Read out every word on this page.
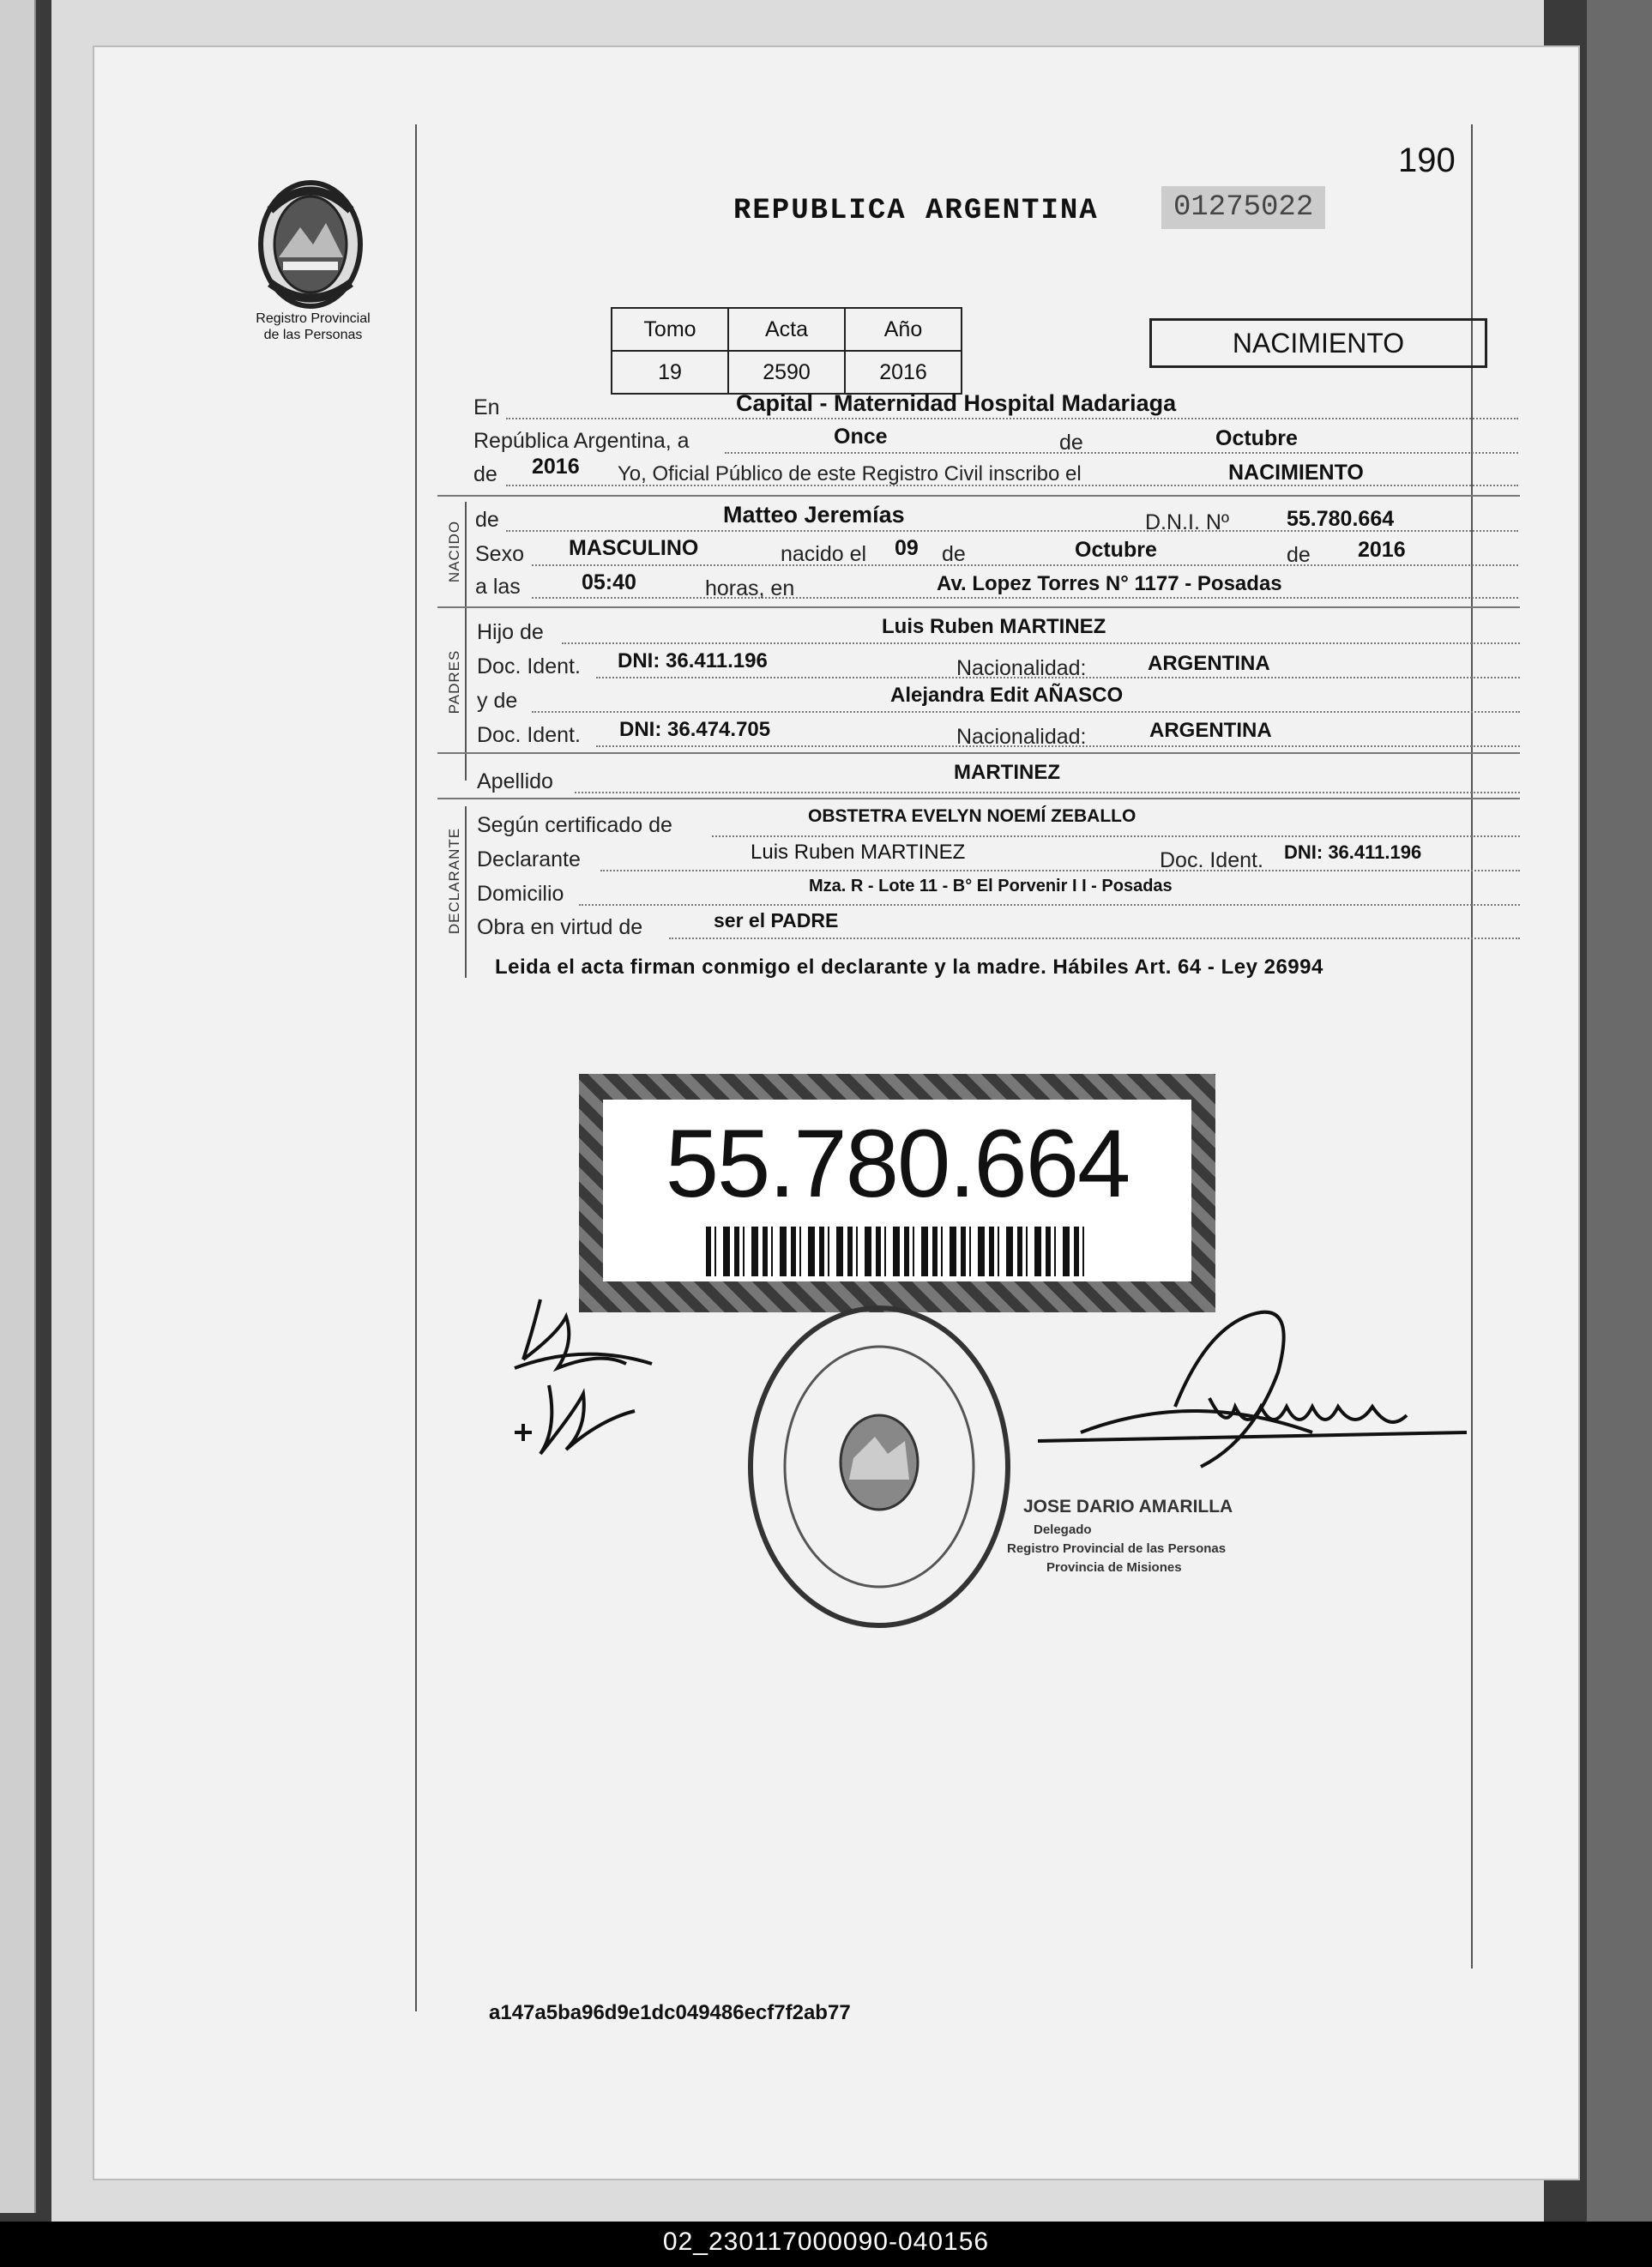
190
Registro Provincial
de las Personas
REPUBLICA ARGENTINA	01275022
Tomo	Acta	Año
19	2590	2016
NACIMIENTO
En	Capital - Maternidad Hospital Madariaga
República Argentina, a	Once	de	Octubre
de 2016 Yo, Oficial Público de este Registro Civil inscribo el	NACIMIENTO
NACIDO
de	Matteo Jeremías	D.N.I. Nº	55.780.664
Sexo MASCULINO	nacido el 09 de	Octubre	de 2016
a las	05:40	horas, en	Av. Lopez Torres N° 1177 - Posadas
PADRES
Hijo de	Luis Ruben MARTINEZ
Doc. Ident. DNI: 36.411.196	Nacionalidad:	ARGENTINA
y de	Alejandra Edit AÑASCO
Doc. Ident. DNI: 36.474.705	Nacionalidad:	ARGENTINA
Apellido	MARTINEZ
DECLARANTE
Según certificado de	OBSTETRA EVELYN NOEMÍ ZEBALLO
Declarante	Luis Ruben MARTINEZ	Doc. Ident. DNI: 36.411.196
Domicilio	Mza. R - Lote 11 - B° El Porvenir I I - Posadas
Obra en virtud de	ser el PADRE
Leida el acta firman conmigo el declarante y la madre. Hábiles Art. 64 - Ley 26994
55.780.664
JOSE DARIO AMARILLA
Delegado
Registro Provincial de las Personas
Provincia de Misiones
a147a5ba96d9e1dc049486ecf7f2ab77
02_230117000090-040156
